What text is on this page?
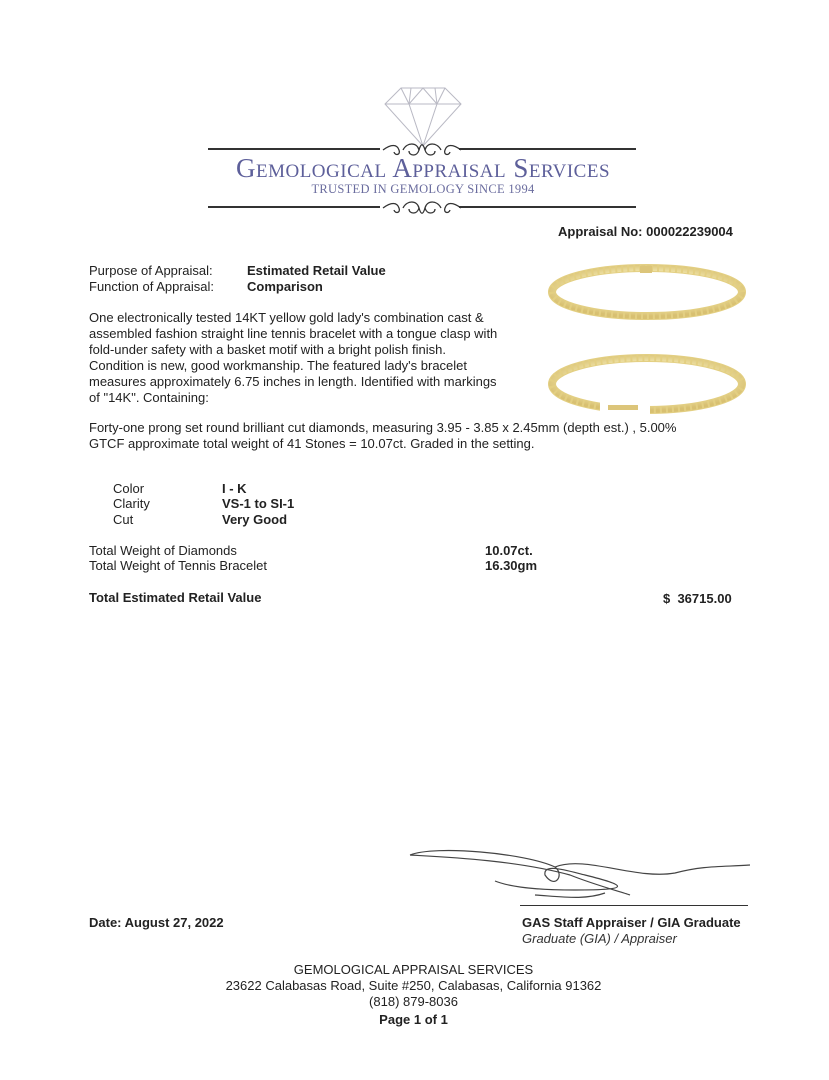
Gemological Appraisal Services
TRUSTED IN GEMOLOGY SINCE 1994
Appraisal No: 000022239004
Purpose of Appraisal:	Estimated Retail Value
Function of Appraisal:	Comparison
One electronically tested 14KT yellow gold lady's combination cast & assembled fashion straight line tennis bracelet with a tongue clasp with fold-under safety with a basket motif with a bright polish finish. Condition is new, good workmanship. The featured lady's bracelet measures approximately 6.75 inches in length. Identified with markings of "14K". Containing:
Forty-one prong set round brilliant cut diamonds, measuring 3.95 - 3.85 x 2.45mm (depth est.) , 5.00% GTCF approximate total weight of 41 Stones = 10.07ct. Graded in the setting.
Color	I - K
Clarity	VS-1 to SI-1
Cut	Very Good
Total Weight of Diamonds	10.07ct.
Total Weight of Tennis Bracelet	16.30gm
Total Estimated Retail Value	$  36715.00
Date: August 27, 2022	GAS Staff Appraiser / GIA Graduate
Graduate (GIA) / Appraiser
GEMOLOGICAL APPRAISAL SERVICES
23622 Calabasas Road, Suite #250, Calabasas, California 91362
(818) 879-8036
Page 1 of 1
